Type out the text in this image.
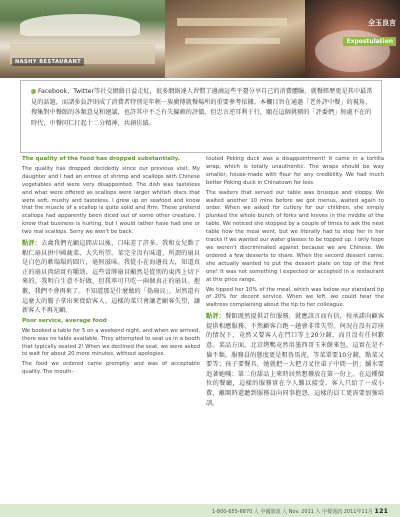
NASHY RESTAURANT
全玉良言
Expostulation
Facebook、Twitter等社交網絡日益走紅，很多網絡達人習慣了邊滴這些平臺分享自己的消費體驗。就餐經歷更是其中最常見的話題，而諸多負評則成了消費者特別是年輕一族廣傳就餐場所的重要參考依據。本欄目旨在通過「老外評中餐」的視角，搜集對中餐館的各類意見和建議，也許其中不乏有失偏頗的評價，但忠言逆耳利于行，願在這個挑剔的「評委們」無處不在的時代，中餐同仁打起十二分精神，共創佳績。

The quality of the food has dropped substantially.

The quality has dropped decidedly since our previous visit. My daughter and I had an entree of shrimp and scallops with Chinese vegetables and were very disappointed. The dish was tasteless and what were offered as scallops were larger whitish discs that were soft, mushy and tasteless. I grew up on seafood and know that the muscle of a scallop is quite solid and firm. These pretend scallops had apparently been diced out of some other creature. I know that business is hurting, but I would rather have had one or two real scallops. Sorry we won't be back.

點評：去歲我們光顧這間店以後，口味差了許多。我和女兒點了蝦仁扇貝拼中國蔬菜，大失所望。菜完全沒有味道，所謂的扇貝是白色的軟塌塌的圓片，毫無滋味。我從小在海邊長大，知道真正的扇貝肉結實有嚼勁。這些冒牌扇貝顯然是從別的東西上切下來的。我明白生意不好做，但我寧可只吃一兩個真正的扇貝。抱歉，我們不會再來了。不知道那是什麼做的「偽扇貝」，居然還有這麼大的膽子拿出來賣給客人。這樣的菜只會讓老顧客失望，讓新客人不再光顧。

Poor service, average food

We booked a table for 5 on a weekend night, and when we arrived, there was no table available. They attempted to seat us in a booth that typically seated 2! When we declined the seat, we were asked to wait for about 20 more minutes, without apologies.

The food we ordered came promptly and was of acceptable quality. The mouth-

touted Peking duck was a disappointment! It came in a tortilla wrap, which is totally unauthentic. The wraps should be way smaller, house-made with flour for any credibility. We had much better Peking duck in Chinatown for less.

The waiters that served our table was brusque and sloppy. We waited another 10 mins before we got menus, waited again to order. When we asked for cutlery for our children, she simply plunked the whole bunch of forks and knives in the middle of the table. We noticed she stopped by a couple of times to ask the next table how the meal went, but we literally had to stop her in her tracks if we wanted our water glasses to be topped up. I only hope we weren't discriminated against because we are Chinese. We ordered a few desserts to share. When the second dessert came, she actually wanted to put the dessert plate on top of the first one! It was not something I expected or accepted in a restaurant at this price range.

We tipped her 10% of the meal, which was below our standard tip of 20% for decent service. When we left, we could hear the waitress complaining about the tip to her colleague.

點評：餐館既然提供訂位服務，就應該言而有信，按承諾向顧客提供相應服務，不然顧客白跑一趟會非常失望。何況在沒有訂座的情況下，竟然又要客人在門口等上20分鐘，而且沒有任何歉意。菜品方面，北京烤鴨竟然用墨西哥玉米餅來包，這實在是不倫不類。服務員的態度更是粗魯馬虎，等菜單要10分鐘，點菜又要等；孩子要餐具，她就把一大把刀叉往桌子中間一扔；續水要追著她喊；第二份甜品上來時居然想疊放在第一份上。在這種價位的餐廳，這樣的服務實在令人難以接受。客人只給了一成小費，離開時還聽到服務員向同事抱怨，這樣的員工更需要加強培訓。

1-800-655-6870 ⼈ 中國旅訊 ⼈ Nov. 2011 ⼈ 中餐通訊 2011年11月 121
